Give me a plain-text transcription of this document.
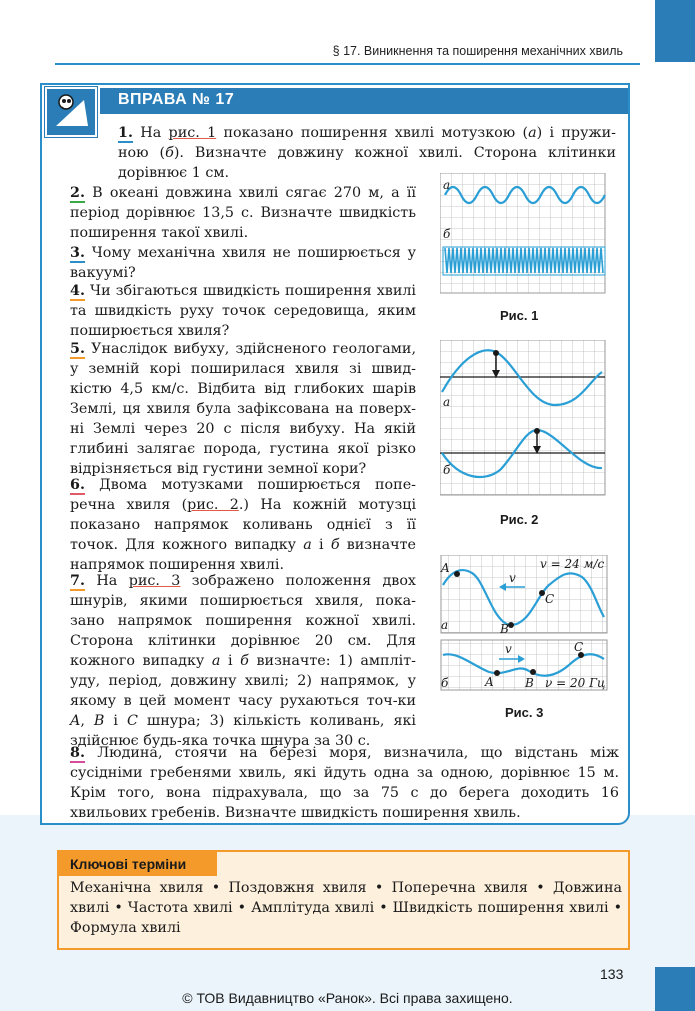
§ 17. Виникнення та поширення механічних хвиль
ВПРАВА № 17
1. На рис. 1 показано поширення хвилі мотузкою (а) і пружи-ною (б). Визначте довжину кожної хвилі. Сторона клітинки дорівнює 1 см.
2. В океані довжина хвилі сягає 270 м, а її період дорівнює 13,5 с. Визначте швидкість поширення такої хвилі.
3. Чому механічна хвиля не поширюється у вакуумі?
4. Чи збігаються швидкість поширення хвилі та швидкість руху точок середовища, яким поширюється хвиля?
5. Унаслідок вибуху, здійсненого геологами, у земній корі поширилася хвиля зі швид-кістю 4,5 км/с. Відбита від глибоких шарів Землі, ця хвиля була зафіксована на поверх-ні Землі через 20 с після вибуху. На якій глибині залягає порода, густина якої різко відрізняється від густини земної кори?
6. Двома мотузками поширюється попе-речна хвиля (рис. 2.) На кожній мотузці показано напрямок коливань однієї з її точок. Для кожного випадку а і б визначте напрямок поширення хвилі.
7. На рис. 3 зображено положення двох шнурів, якими поширюється хвиля, пока-зано напрямок поширення кожної хвилі. Сторона клітинки дорівнює 20 см. Для кожного випадку а і б визначте: 1) ампліт-уду, період, довжину хвилі; 2) напрямок, у якому в цей момент часу рухаються точ-ки A, B і C шнура; 3) кількість коливань, які здійснює будь-яка точка шнура за 30 с.
8. Людина, стоячи на березі моря, визначила, що відстань між сусідніми гребенями хвиль, які йдуть одна за одною, дорівнює 15 м. Крім того, вона підрахувала, що за 75 с до берега доходить 16 хвильових гребенів. Визначте швидкість поширення хвиль.
а
б
Рис. 1
а
б
Рис. 2
A
B
C
v
v = 24 м/с
а
A	B
C
v
ν = 20 Гц
б
Рис. 3
Ключові терміни
Механічна хвиля • Поздовжня хвиля • Поперечна хвиля • Довжина хвилі • Частота хвилі • Амплітуда хвилі • Швидкість поширення хвилі • Формула хвилі
133
© ТОВ Видавництво «Ранок». Всі права захищено.
